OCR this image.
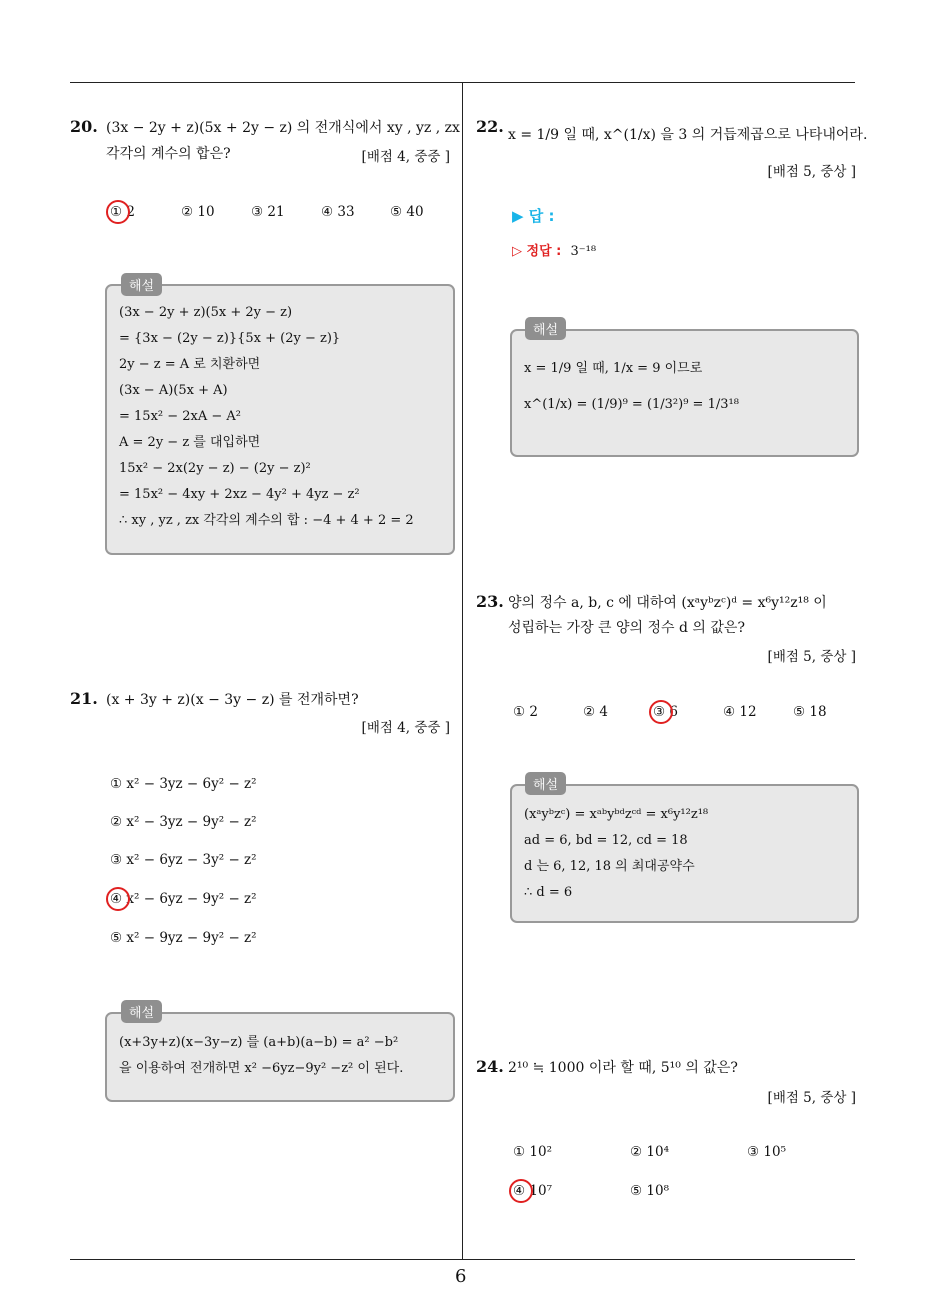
20. (3x − 2y + z)(5x + 2y − z) 의 전개식에서 xy , yz , zx
각각의 계수의 합은?	[배점 4, 중중 ]
① 2	② 10	③ 21	④ 33	⑤ 40
(3x − 2y + z)(5x + 2y − z)
= {3x − (2y − z)}{5x + (2y − z)}
2y − z = A 로 치환하면
(3x − A)(5x + A)
= 15x² − 2xA − A²
A = 2y − z 를 대입하면
15x² − 2x(2y − z) − (2y − z)²
= 15x² − 4xy + 2xz − 4y² + 4yz − z²
∴ xy , yz , zx 각각의 계수의 합 : −4 + 4 + 2 = 2
해설
21. (x + 3y + z)(x − 3y − z) 를 전개하면?
[배점 4, 중중 ]
① x² − 3yz − 6y² − z²
② x² − 3yz − 9y² − z²
③ x² − 6yz − 3y² − z²
④ x² − 6yz − 9y² − z²
⑤ x² − 9yz − 9y² − z²
(x+3y+z)(x−3y−z) 를 (a+b)(a−b) = a² −b²
을 이용하여 전개하면 x² −6yz−9y² −z² 이 된다.
해설
22. x = 1/9 일 때, x^(1/x) 을 3 의 거듭제곱으로 나타내어라.
[배점 5, 중상 ]
▶ 답 :
▷ 정답 : 3⁻¹⁸
x = 1/9 일 때, 1/x = 9 이므로
x^(1/x) = (1/9)⁹ = (1/3²)⁹ = 1/3¹⁸
해설
23. 양의 정수 a, b, c 에 대하여 (xᵃyᵇzᶜ)ᵈ = x⁶y¹²z¹⁸ 이
성립하는 가장 큰 양의 정수 d 의 값은?
[배점 5, 중상 ]
① 2	② 4	③ 6	④ 12	⑤ 18
(xᵃyᵇzᶜ) = xᵃᵇyᵇᵈzᶜᵈ = x⁶y¹²z¹⁸
ad = 6, bd = 12, cd = 18
d 는 6, 12, 18 의 최대공약수
∴ d = 6
해설
24. 2¹⁰ ≒ 1000 이라 할 때, 5¹⁰ 의 값은?
[배점 5, 중상 ]
① 10²	② 10⁴	③ 10⁵
④ 10⁷	⑤ 10⁸
6
